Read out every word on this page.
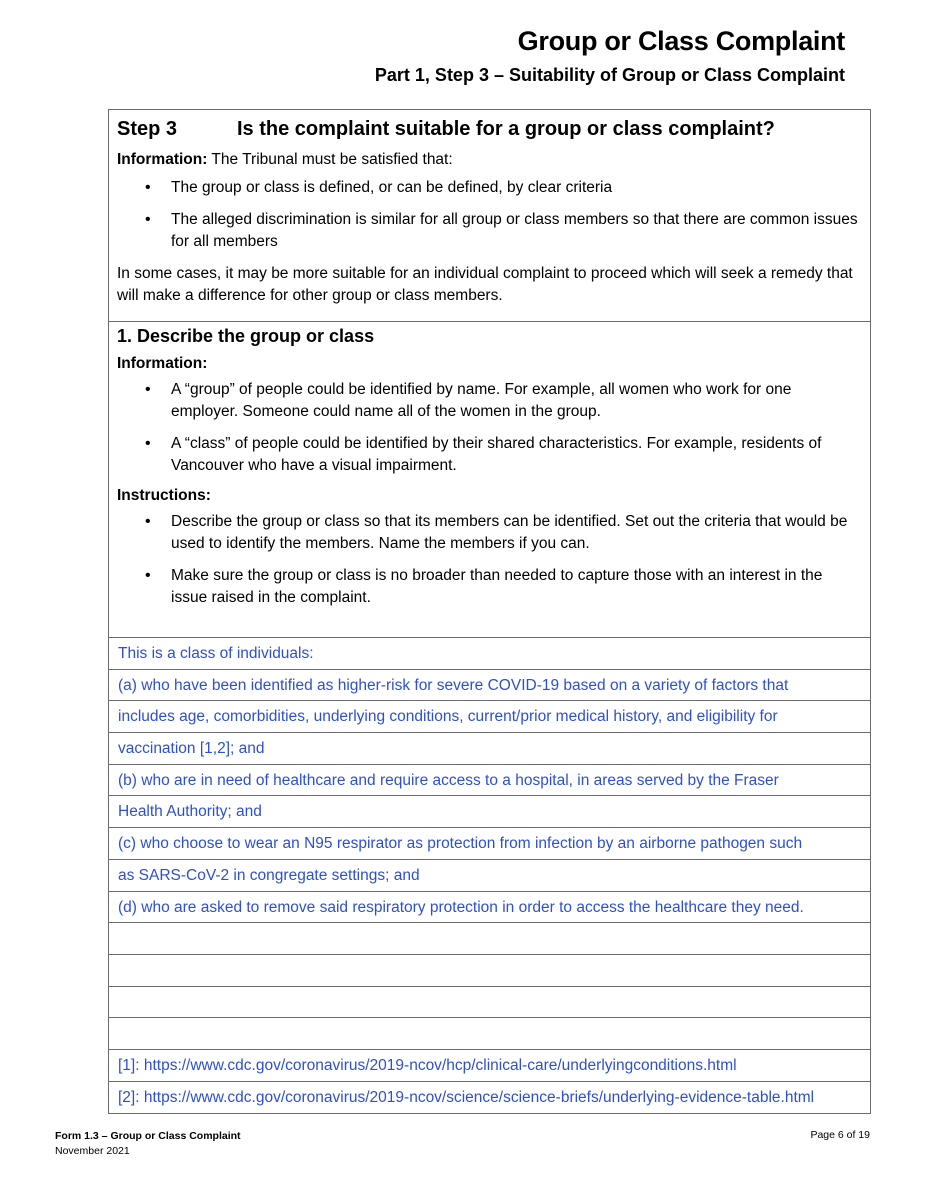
Group or Class Complaint
Part 1, Step 3 – Suitability of Group or Class Complaint
Step 3	Is the complaint suitable for a group or class complaint?

Information: The Tribunal must be satisfied that:

• The group or class is defined, or can be defined, by clear criteria
• The alleged discrimination is similar for all group or class members so that there are common issues for all members

In some cases, it may be more suitable for an individual complaint to proceed which will seek a remedy that will make a difference for other group or class members.

1. Describe the group or class

Information:

• A “group” of people could be identified by name. For example, all women who work for one employer. Someone could name all of the women in the group.
• A “class” of people could be identified by their shared characteristics. For example, residents of Vancouver who have a visual impairment.

Instructions:

• Describe the group or class so that its members can be identified. Set out the criteria that would be used to identify the members. Name the members if you can.
• Make sure the group or class is no broader than needed to capture those with an interest in the issue raised in the complaint.
This is a class of individuals:
(a) who have been identified as higher-risk for severe COVID-19 based on a variety of factors that
includes age, comorbidities, underlying conditions, current/prior medical history, and eligibility for
vaccination [1,2]; and
(b) who are in need of healthcare and require access to a hospital, in areas served by the Fraser
Health Authority; and
(c) who choose to wear an N95 respirator as protection from infection by an airborne pathogen such
as SARS-CoV-2 in congregate settings; and
(d) who are asked to remove said respiratory protection in order to access the healthcare they need.
[1]: https://www.cdc.gov/coronavirus/2019-ncov/hcp/clinical-care/underlyingconditions.html
[2]: https://www.cdc.gov/coronavirus/2019-ncov/science/science-briefs/underlying-evidence-table.html
Form 1.3 – Group or Class Complaint
November 2021
Page 6 of 19
